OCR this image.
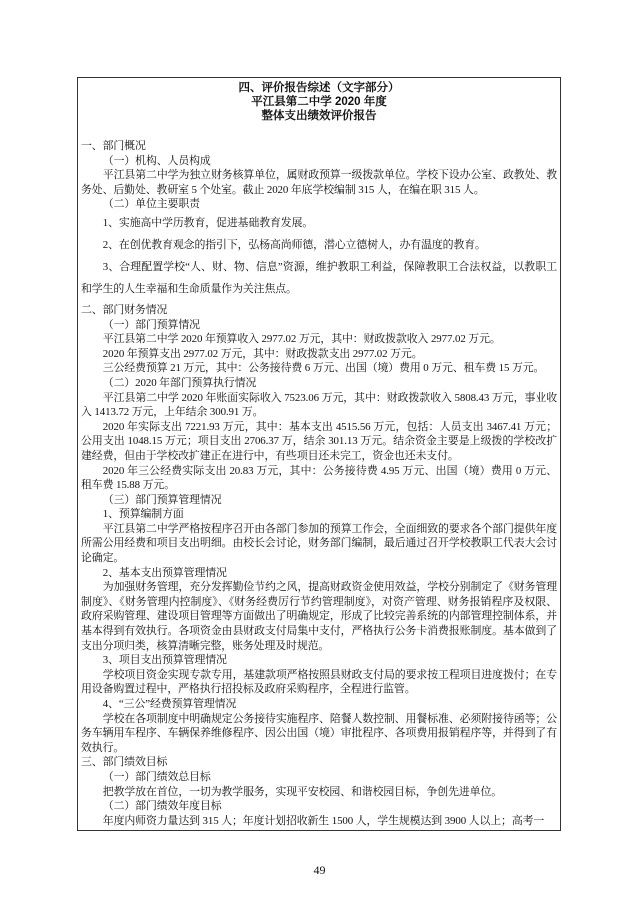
四、评价报告综述（文字部分）
平江县第二中学 2020 年度
整体支出绩效评价报告

一、部门概况

（一）机构、人员构成

平江县第二中学为独立财务核算单位，属财政预算一级拨款单位。学校下设办公室、政教处、教务处、后勤处、教研室 5 个处室。截止 2020 年底学校编制 315 人，在编在职 315 人。

（二）单位主要职责

1、实施高中学历教育，促进基础教育发展。

2、在创优教育观念的指引下，弘杨高尚师德，潜心立德树人，办有温度的教育。

3、合理配置学校“人、财、物、信息”资源，维护教职工利益，保障教职工合法权益，以教职工和学生的人生幸福和生命质量作为关注焦点。

二、部门财务情况

（一）部门预算情况

平江县第二中学 2020 年预算收入 2977.02 万元，其中：财政拨款收入 2977.02 万元。

2020 年预算支出 2977.02 万元，其中：财政拨款支出 2977.02 万元。

三公经费预算 21 万元，其中：公务接待费 6 万元、出国（境）费用 0 万元、租车费 15 万元。

（二）2020 年部门预算执行情况

平江县第二中学 2020 年账面实际收入 7523.06 万元，其中：财政拨款收入 5808.43 万元，事业收入 1413.72 万元，上年结余 300.91 万。

2020 年实际支出 7221.93 万元，其中：基本支出 4515.56 万元，包括：人员支出 3467.41 万元；公用支出 1048.15 万元；项目支出 2706.37 万，结余 301.13 万元。结余资金主要是上级拨的学校改扩建经费，但由于学校改扩建正在进行中，有些项目还未完工，资金也还未支付。

2020 年三公经费实际支出 20.83 万元，其中：公务接待费 4.95 万元、出国（境）费用 0 万元、租车费 15.88 万元。

（三）部门预算管理情况

1、预算编制方面

平江县第二中学严格按程序召开由各部门参加的预算工作会，全面细致的要求各个部门提供年度所需公用经费和项目支出明细。由校长会讨论，财务部门编制，最后通过召开学校教职工代表大会讨论确定。

2、基本支出预算管理情况

为加强财务管理，充分发挥勤俭节约之风，提高财政资金使用效益，学校分别制定了《财务管理制度》、《财务管理内控制度》、《财务经费厉行节约管理制度》，对资产管理、财务报销程序及权限、政府采购管理、建设项目管理等方面做出了明确规定，形成了比较完善系统的内部管理控制体系，并基本得到有效执行。各项资金由县财政支付局集中支付，严格执行公务卡消费报账制度。基本做到了支出分项归类，核算清晰完整，账务处理及时规范。

3、项目支出预算管理情况

学校项目资金实现专款专用，基建款项严格按照县财政支付局的要求按工程项目进度拨付；在专用设备购置过程中，严格执行招投标及政府采购程序，全程进行监管。

4、“三公”经费预算管理情况

学校在各项制度中明确规定公务接待实施程序、陪餐人数控制、用餐标准、必须附接待函等；公务车辆用车程序、车辆保养维修程序、因公出国（境）审批程序、各项费用报销程序等，并得到了有效执行。

三、部门绩效目标

（一）部门绩效总目标

把教学放在首位，一切为教学服务，实现平安校园、和谐校园目标，争创先进单位。

（二）部门绩效年度目标

年度内师资力量达到 315 人；年度计划招收新生 1500 人，学生规模达到 3900 人以上；高考一

49
